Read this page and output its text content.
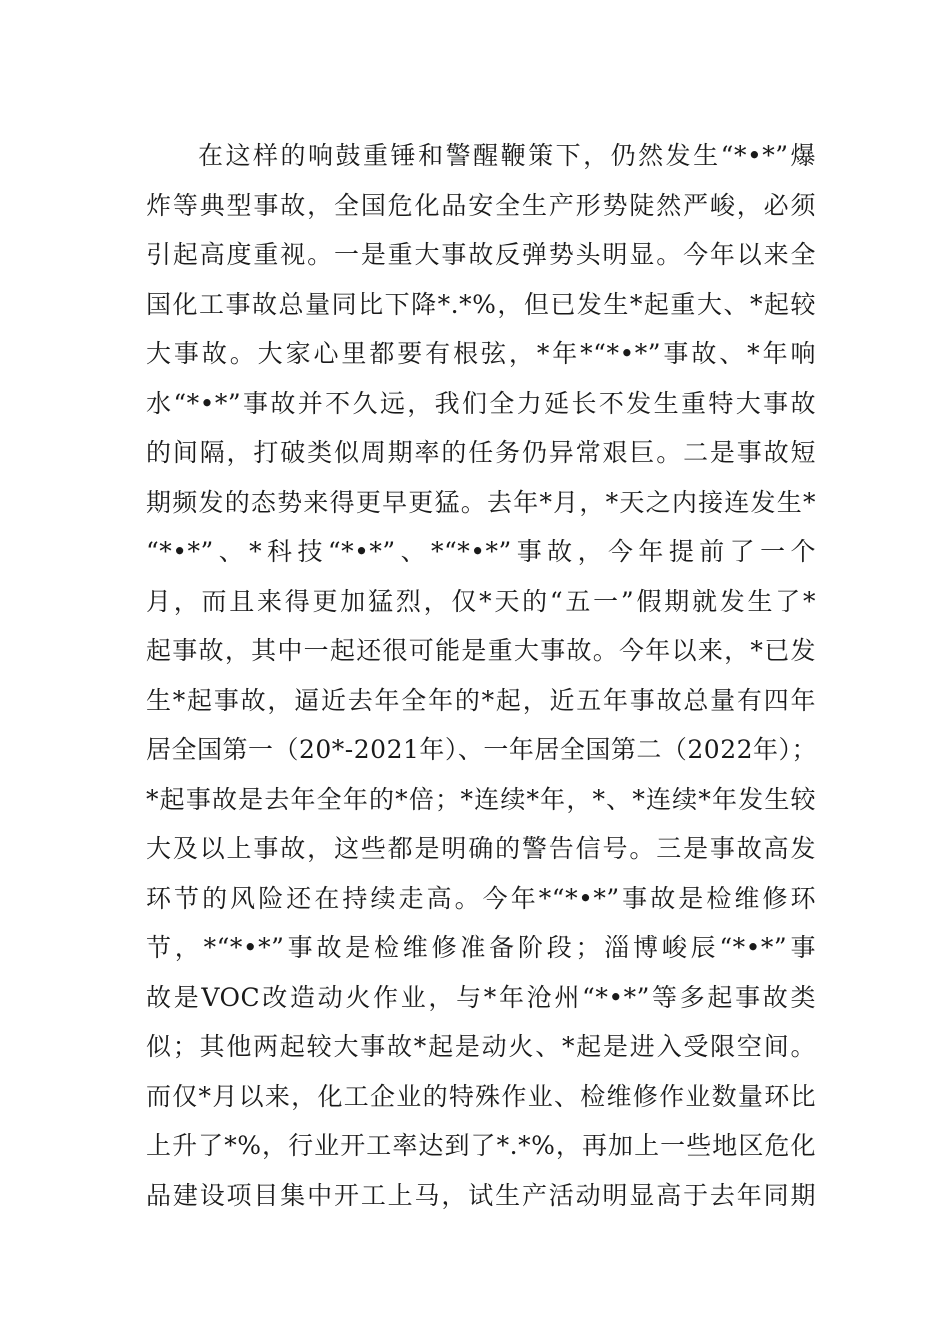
在这样的响鼓重锤和警醒鞭策下，仍然发生“*•*”爆
炸等典型事故，全国危化品安全生产形势陡然严峻，必须
引起高度重视。一是重大事故反弹势头明显。今年以来全
国化工事故总量同比下降*.*%，但已发生*起重大、*起较
大事故。大家心里都要有根弦，*年*“*•*”事故、*年响
水“*•*”事故并不久远，我们全力延长不发生重特大事故
的间隔，打破类似周期率的任务仍异常艰巨。二是事故短
期频发的态势来得更早更猛。去年*月，*天之内接连发生*
“*•*”、*科技“*•*”、*“*•*”事故，今年提前了一个
月，而且来得更加猛烈，仅*天的“五一”假期就发生了*
起事故，其中一起还很可能是重大事故。今年以来，*已发
生*起事故，逼近去年全年的*起，近五年事故总量有四年
居全国第一（20*-2021年）、一年居全国第二（2022年）；
*起事故是去年全年的*倍；*连续*年，*、*连续*年发生较
大及以上事故，这些都是明确的警告信号。三是事故高发
环节的风险还在持续走高。今年*“*•*”事故是检维修环
节，*“*•*”事故是检维修准备阶段；淄博峻辰“*•*”事
故是VOC改造动火作业，与*年沧州“*•*”等多起事故类
似；其他两起较大事故*起是动火、*起是进入受限空间。
而仅*月以来，化工企业的特殊作业、检维修作业数量环比
上升了*%，行业开工率达到了*.*%，再加上一些地区危化
品建设项目集中开工上马，试生产活动明显高于去年同期
